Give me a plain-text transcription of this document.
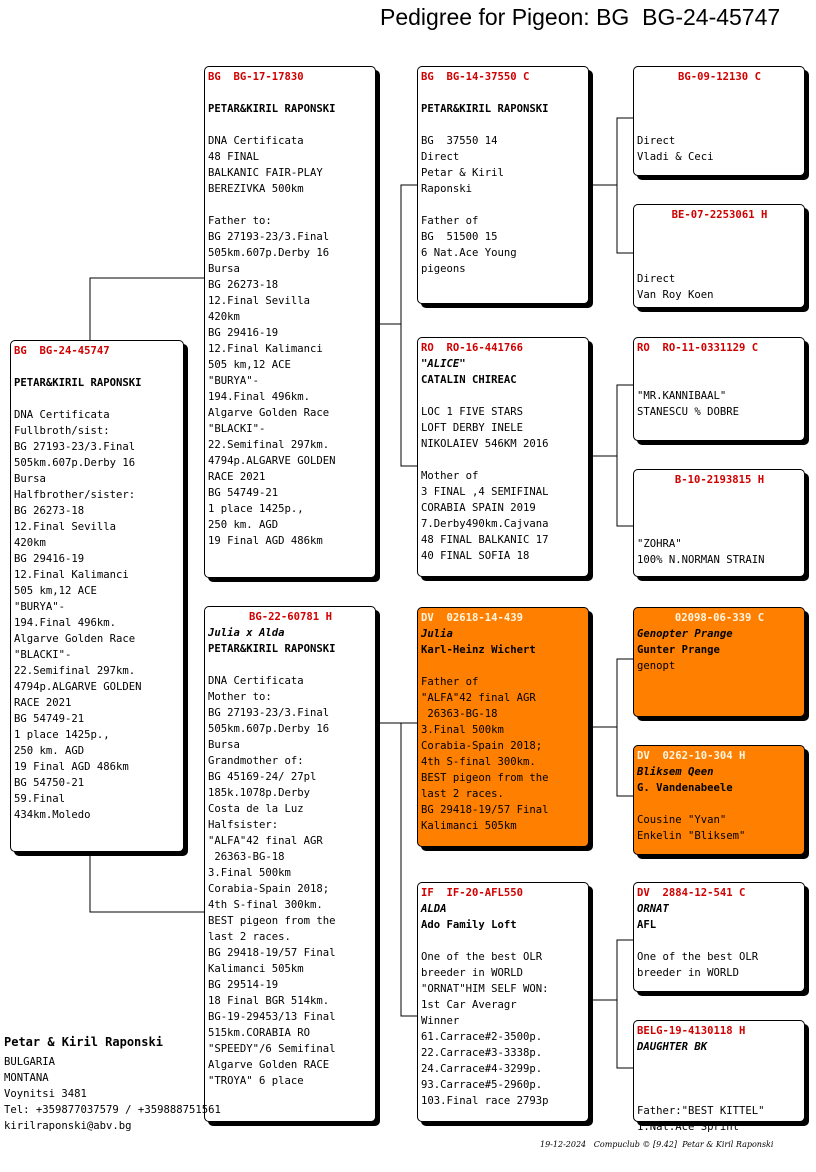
Pedigree for Pigeon: BG  BG-24-45747
BG  BG-24-45747
PETAR&KIRIL RAPONSKI
DNA Certificata
Fullbroth/sist:
BG 27193-23/3.Final
505km.607p.Derby 16
Bursa
Halfbrother/sister:
BG 26273-18
12.Final Sevilla
420km
BG 29416-19
12.Final Kalimanci
505 km,12 ACE
"BURYA"-
194.Final 496km.
Algarve Golden Race
"BLACKI"-
22.Semifinal 297km.
4794p.ALGARVE GOLDEN
RACE 2021
BG 54749-21
1 place 1425p.,
250 km. AGD
19 Final AGD 486km
BG 54750-21
59.Final
434km.Moledo
BG  BG-17-17830
PETAR&KIRIL RAPONSKI
DNA Certificata
48 FINAL
BALKANIC FAIR-PLAY
BEREZIVKA 500km
Father to:
BG 27193-23/3.Final
505km.607p.Derby 16
Bursa
BG 26273-18
12.Final Sevilla
420km
BG 29416-19
12.Final Kalimanci
505 km,12 ACE
"BURYA"-
194.Final 496km.
Algarve Golden Race
"BLACKI"-
22.Semifinal 297km.
4794p.ALGARVE GOLDEN
RACE 2021
BG 54749-21
1 place 1425p.,
250 km. AGD
19 Final AGD 486km
BG-22-60781 H
Julia x Alda
PETAR&KIRIL RAPONSKI
DNA Certificata
Mother to:
BG 27193-23/3.Final
505km.607p.Derby 16
Bursa
Grandmother of:
BG 45169-24/ 27pl
185k.1078p.Derby
Costa de la Luz
Halfsister:
"ALFA"42 final AGR
26363-BG-18
3.Final 500km
Corabia-Spain 2018;
4th S-final 300km.
BEST pigeon from the
last 2 races.
BG 29418-19/57 Final
Kalimanci 505km
BG 29514-19
18 Final BGR 514km.
BG-19-29453/13 Final
515km.CORABIA RO
"SPEEDY"/6 Semifinal
Algarve Golden RACE
"TROYA" 6 place
BG  BG-14-37550 C
PETAR&KIRIL RAPONSKI
BG  37550 14
Direct
Petar & Kiril
Raponski
Father of
BG  51500 15
6 Nat.Ace Young
pigeons
RO  RO-16-441766
"ALICE"
CATALIN CHIREAC
LOC 1 FIVE STARS
LOFT DERBY INELE
NIKOLAIEV 546KM 2016
Mother of
3 FINAL ,4 SEMIFINAL
CORABIA SPAIN 2019
7.Derby490km.Cajvana
48 FINAL BALKANIC 17
40 FINAL SOFIA 18
DV  02618-14-439
Julia
Karl-Heinz Wichert
Father of
"ALFA"42 final AGR
26363-BG-18
3.Final 500km
Corabia-Spain 2018;
4th S-final 300km.
BEST pigeon from the
last 2 races.
BG 29418-19/57 Final
Kalimanci 505km
IF  IF-20-AFL550
ALDA
Ado Family Loft
One of the best OLR
breeder in WORLD
"ORNAT"HIM SELF WON:
1st Car Averagr
Winner
61.Carrace#2-3500p.
22.Carrace#3-3338p.
24.Carrace#4-3299p.
93.Carrace#5-2960p.
103.Final race 2793p
BG-09-12130 C
Direct
Vladi & Ceci
BE-07-2253061 H
Direct
Van Roy Koen
RO  RO-11-0331129 C
"MR.KANNIBAAL"
STANESCU % DOBRE
B-10-2193815 H
"ZOHRA"
100% N.NORMAN STRAIN
02098-06-339 C
Genopter Prange
Gunter Prange
genopt
DV  0262-10-304 H
Bliksem Qeen
G. Vandenabeele
Cousine "Yvan"
Enkelin "Bliksem"
DV  2884-12-541 C
ORNAT
AFL
One of the best OLR
breeder in WORLD
BELG-19-4130118 H
DAUGHTER BK
Father:"BEST KITTEL"
1.Nat.Ace Sprint
Petar & Kiril Raponski
BULGARIA
MONTANA
Voynitsi 3481
Tel: +359877037579 / +359888751561
kirilraponski@abv.bg
19-12-2024   Compuclub © [9.42]  Petar & Kiril Raponski
